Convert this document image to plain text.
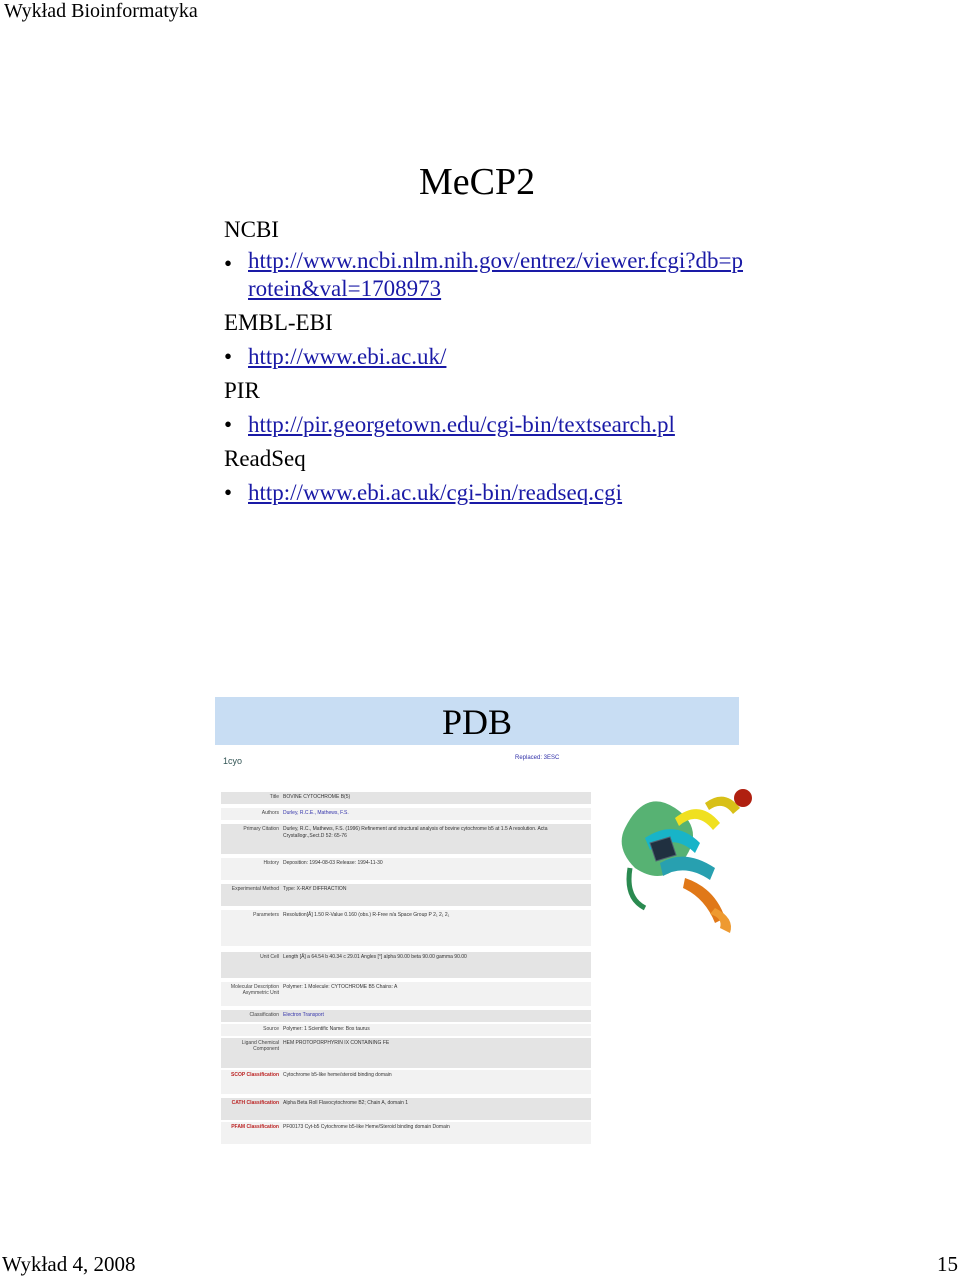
Wykład Bioinformatyka
MeCP2
NCBI
• http://www.ncbi.nlm.nih.gov/entrez/viewer.fcgi?db=protein&val=1708973
EMBL-EBI
• http://www.ebi.ac.uk/
PIR
• http://pir.georgetown.edu/cgi-bin/textsearch.pl
ReadSeq
• http://www.ebi.ac.uk/cgi-bin/readseq.cgi
PDB
1cyo	Replaced: 3ESC
Title BOVINE CYTOCHROME B(5)
Authors Durley, R.C.E., Mathews, F.S.
Primary Citation Durley, R.C., Mathews, F.S. (1996) Refinement and structural analysis of bovine cytochrome b5 at 1.5 A resolution. Acta Crystallogr.,Sect.D 52: 65-76
History Deposition: 1994-08-03 Release: 1994-11-30
Experimental Method Type: X-RAY DIFFRACTION
Parameters Resolution[Å] 1.50 R-Value 0.160 (obs.) R-Free n/a Space Group P 2₁ 2₁ 2₁
Unit Cell Length [Å] a 64.54 b 40.34 c 29.01 Angles [°] alpha 90.00 beta 90.00 gamma 90.00
Molecular Description Asymmetric Unit
Polymer: 1 Molecule: CYTOCHROME B5 Chains: A
Classification Electron Transport
Source Polymer: 1 Scientific Name: Bos taurus
Ligand Chemical Component
HEM PROTOPORPHYRIN IX CONTAINING FE
SCOP Classification Cytochrome b5-like heme/steroid binding domain
CATH Classification Alpha Beta Roll Flavocytochrome B2; Chain A, domain 1
PFAM Classification PF00173 Cyt-b5 Cytochrome b5-like Heme/Steroid binding domain Domain
Wykład 4, 2008	15
